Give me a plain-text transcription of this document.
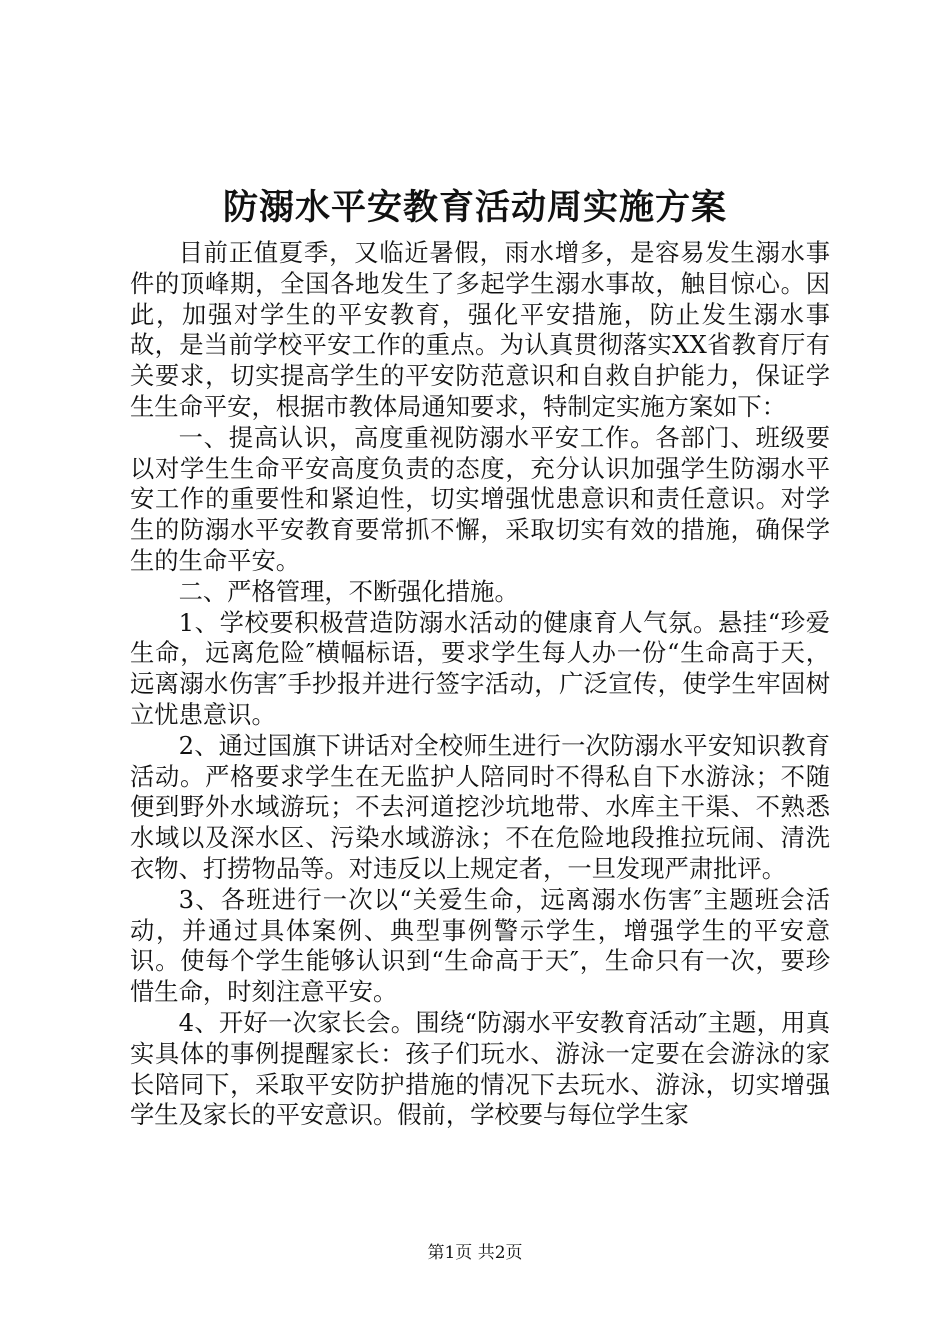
防溺水平安教育活动周实施方案

目前正值夏季，又临近暑假，雨水增多，是容易发生溺水事件的顶峰期，全国各地发生了多起学生溺水事故，触目惊心。因此，加强对学生的平安教育，强化平安措施，防止发生溺水事故，是当前学校平安工作的重点。为认真贯彻落实XX省教育厅有关要求，切实提高学生的平安防范意识和自救自护能力，保证学生生命平安，根据市教体局通知要求，特制定实施方案如下：

一、提高认识，高度重视防溺水平安工作。各部门、班级要以对学生生命平安高度负责的态度，充分认识加强学生防溺水平安工作的重要性和紧迫性，切实增强忧患意识和责任意识。对学生的防溺水平安教育要常抓不懈，采取切实有效的措施，确保学生的生命平安。

二、严格管理，不断强化措施。

1、学校要积极营造防溺水活动的健康育人气氛。悬挂“珍爱生命，远离危险″横幅标语，要求学生每人办一份“生命高于天，远离溺水伤害″手抄报并进行签字活动，广泛宣传，使学生牢固树立忧患意识。

2、通过国旗下讲话对全校师生进行一次防溺水平安知识教育活动。严格要求学生在无监护人陪同时不得私自下水游泳；不随便到野外水域游玩；不去河道挖沙坑地带、水库主干渠、不熟悉水域以及深水区、污染水域游泳；不在危险地段推拉玩闹、清洗衣物、打捞物品等。对违反以上规定者，一旦发现严肃批评。

3、各班进行一次以“关爱生命，远离溺水伤害″主题班会活动，并通过具体案例、典型事例警示学生，增强学生的平安意识。使每个学生能够认识到“生命高于天″，生命只有一次，要珍惜生命，时刻注意平安。

4、开好一次家长会。围绕“防溺水平安教育活动″主题，用真实具体的事例提醒家长：孩子们玩水、游泳一定要在会游泳的家长陪同下，采取平安防护措施的情况下去玩水、游泳，切实增强学生及家长的平安意识。假前，学校要与每位学生家

第1页 共2页
